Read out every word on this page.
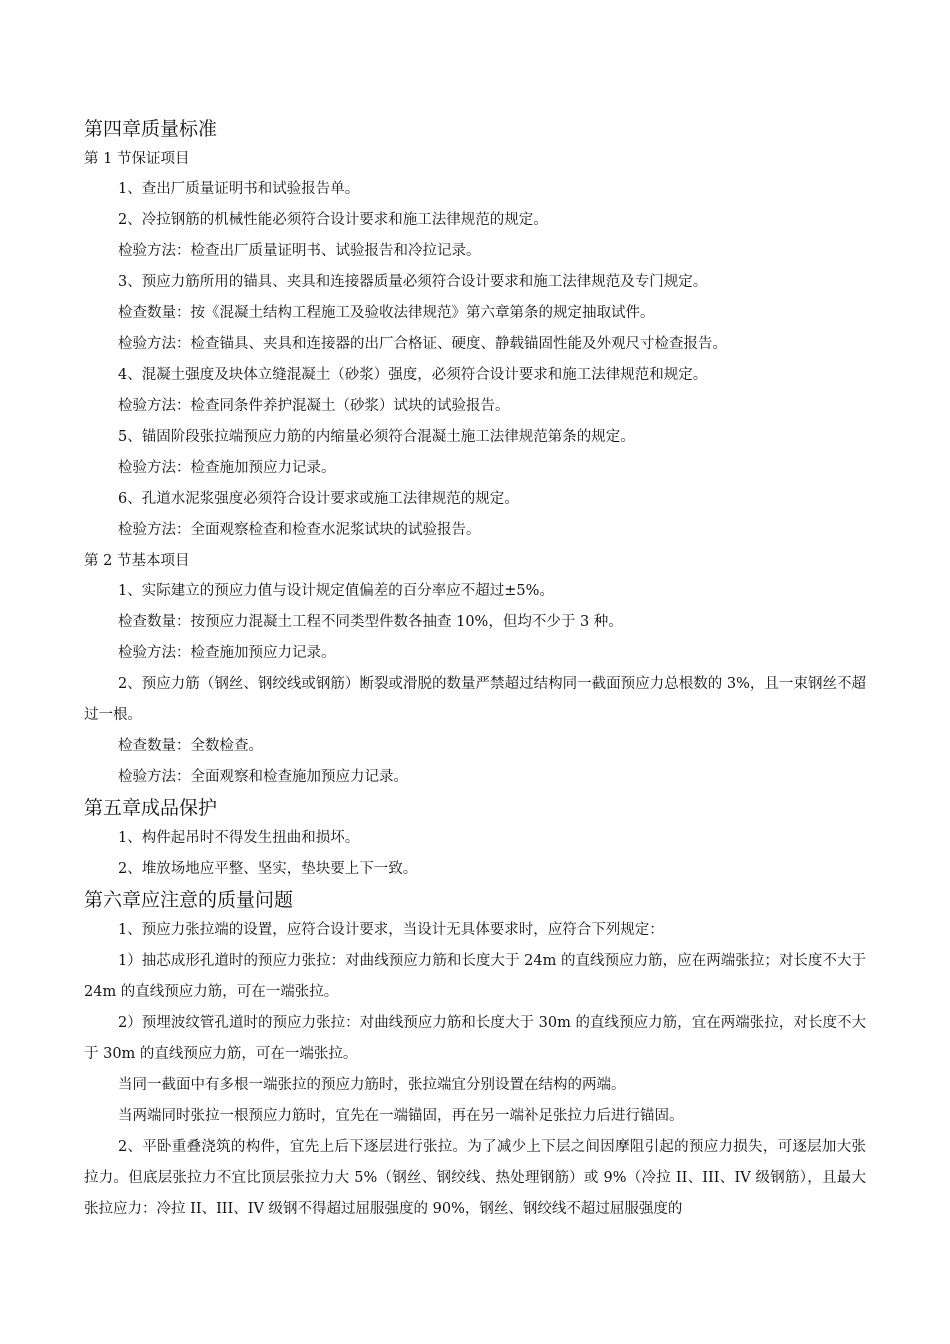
第四章质量标准
第 1 节保证项目

1、查出厂质量证明书和试验报告单。

2、冷拉钢筋的机械性能必须符合设计要求和施工法律规范的规定。

检验方法：检查出厂质量证明书、试验报告和冷拉记录。

3、预应力筋所用的锚具、夹具和连接器质量必须符合设计要求和施工法律规范及专门规定。

检查数量：按《混凝土结构工程施工及验收法律规范》第六章第条的规定抽取试件。

检验方法：检查锚具、夹具和连接器的出厂合格证、硬度、静载锚固性能及外观尺寸检查报告。

4、混凝土强度及块体立缝混凝土（砂浆）强度，必须符合设计要求和施工法律规范和规定。

检验方法：检查同条件养护混凝土（砂浆）试块的试验报告。

5、锚固阶段张拉端预应力筋的内缩量必须符合混凝土施工法律规范第条的规定。

检验方法：检查施加预应力记录。

6、孔道水泥浆强度必须符合设计要求或施工法律规范的规定。

检验方法：全面观察检查和检查水泥浆试块的试验报告。

第 2 节基本项目

1、实际建立的预应力值与设计规定值偏差的百分率应不超过±5%。

检查数量：按预应力混凝土工程不同类型件数各抽查 10%，但均不少于 3 种。

检验方法：检查施加预应力记录。

2、预应力筋（钢丝、钢绞线或钢筋）断裂或滑脱的数量严禁超过结构同一截面预应力总根数的 3%，且一束钢丝不超过一根。

检查数量：全数检查。

检验方法：全面观察和检查施加预应力记录。

第五章成品保护

1、构件起吊时不得发生扭曲和损坏。

2、堆放场地应平整、坚实，垫块要上下一致。

第六章应注意的质量问题

1、预应力张拉端的设置，应符合设计要求，当设计无具体要求时，应符合下列规定：

1）抽芯成形孔道时的预应力张拉：对曲线预应力筋和长度大于 24m 的直线预应力筋，应在两端张拉；对长度不大于 24m 的直线预应力筋，可在一端张拉。

2）预埋波纹管孔道时的预应力张拉：对曲线预应力筋和长度大于 30m 的直线预应力筋，宜在两端张拉，对长度不大于 30m 的直线预应力筋，可在一端张拉。

当同一截面中有多根一端张拉的预应力筋时，张拉端宜分别设置在结构的两端。

当两端同时张拉一根预应力筋时，宜先在一端锚固，再在另一端补足张拉力后进行锚固。

2、平卧重叠浇筑的构件，宜先上后下逐层进行张拉。为了减少上下层之间因摩阻引起的预应力损失，可逐层加大张拉力。但底层张拉力不宜比顶层张拉力大 5%（钢丝、钢绞线、热处理钢筋）或 9%（冷拉 II、III、IV 级钢筋），且最大张拉应力：冷拉 II、III、IV 级钢不得超过屈服强度的 90%，钢丝、钢绞线不超过屈服强度的
